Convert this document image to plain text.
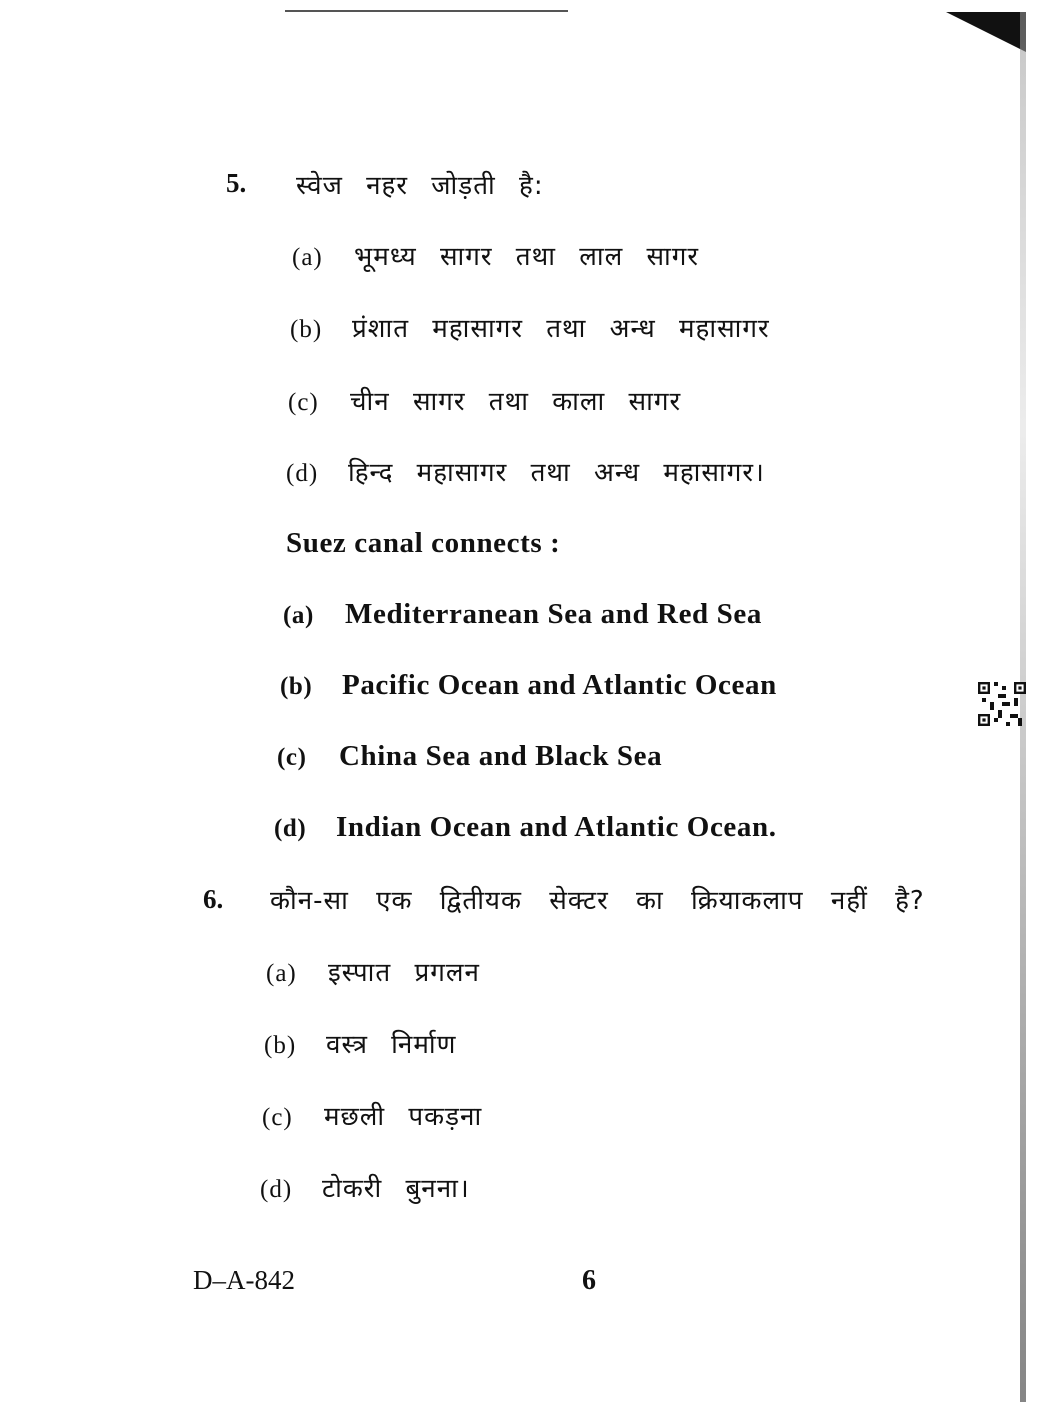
5. स्वेज नहर जोड़ती है:
(a) भूमध्य सागर तथा लाल सागर
(b) प्रंशात महासागर तथा अन्ध महासागर
(c) चीन सागर तथा काला सागर
(d) हिन्द महासागर तथा अन्ध महासागर।
Suez canal connects :
(a) Mediterranean Sea and Red Sea
(b) Pacific Ocean and Atlantic Ocean
(c) China Sea and Black Sea
(d) Indian Ocean and Atlantic Ocean.
6. कौन-सा एक द्वितीयक सेक्टर का क्रियाकलाप नहीं है?
(a) इस्पात प्रगलन
(b) वस्त्र निर्माण
(c) मछली पकड़ना
(d) टोकरी बुनना।
D–A-842	6
